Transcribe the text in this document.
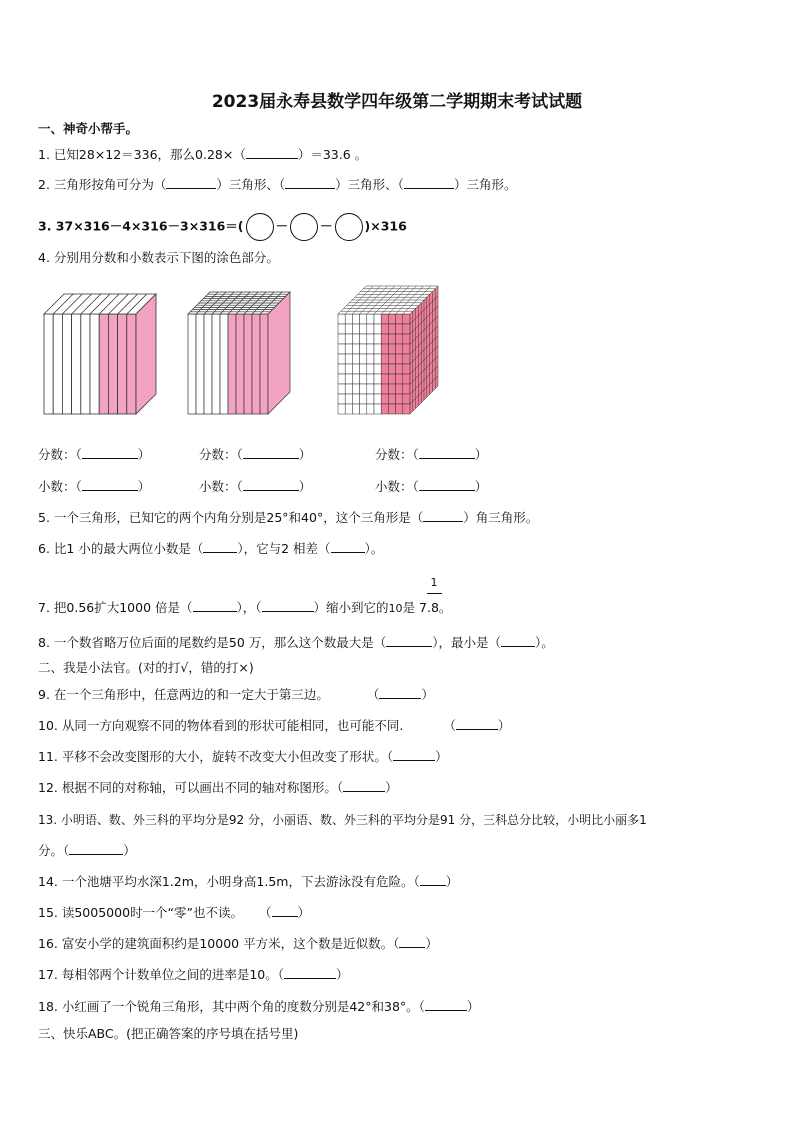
2023届永寿县数学四年级第二学期期末考试试题
一、神奇小帮手。
1. 已知28×12＝336，那么0.28×（	）＝33.6 。
2. 三角形按角可分为（	）三角形、（	）三角形、（	）三角形。
3. 37×316－4×316－3×316＝(	－	－	)×316
4. 分别用分数和小数表示下图的涂色部分。
分数：（	）	分数：（	）	分数：（	）
小数：（	）	小数：（	）	小数：（	）
5. 一个三角形，已知它的两个内角分别是25°和40°，这个三角形是（	）角三角形。
6. 比1 小的最大两位小数是（	），它与2 相差（	）。
1
7. 把0.56扩大1000 倍是（	），（	）缩小到它的10是 7.8。
8. 一个数省略万位后面的尾数约是50 万，那么这个数最大是（	），最小是（	）。
二、我是小法官。(对的打√，错的打×)
9. 在一个三角形中，任意两边的和一定大于第三边。	（	）
10. 从同一方向观察不同的物体看到的形状可能相同，也可能不同.	（	）
11. 平移不会改变图形的大小，旋转不改变大小但改变了形状。（	）
12. 根据不同的对称轴，可以画出不同的轴对称图形。（	）
13. 小明语、数、外三科的平均分是92 分，小丽语、数、外三科的平均分是91 分，三科总分比较，小明比小丽多1
分。（	）
14. 一个池塘平均水深1.2m，小明身高1.5m，下去游泳没有危险。（ ）
15. 读5005000时一个“零”也不读。 （ ）
16. 富安小学的建筑面积约是10000 平方米，这个数是近似数。（ ）
17. 每相邻两个计数单位之间的进率是10。（	）
18. 小红画了一个锐角三角形，其中两个角的度数分别是42°和38°。（	）
三、快乐ABC。(把正确答案的序号填在括号里)
